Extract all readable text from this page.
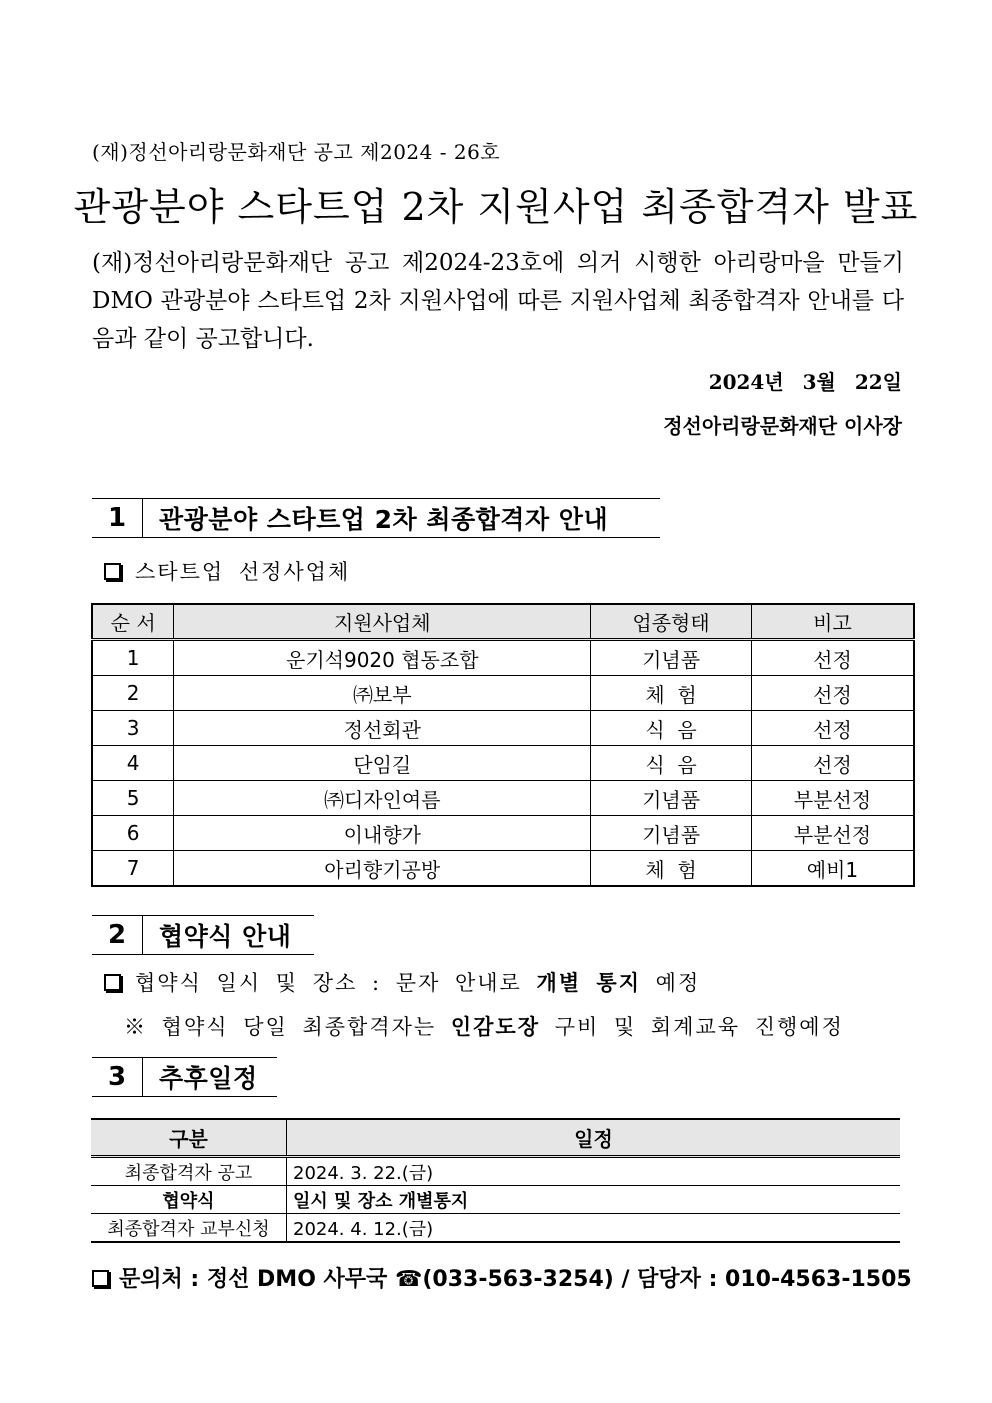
(재)정선아리랑문화재단 공고 제2024 - 26호
관광분야 스타트업 2차 지원사업 최종합격자 발표
(재)정선아리랑문화재단 공고 제2024-23호에 의거 시행한 아리랑마을 만들기 DMO 관광분야 스타트업 2차 지원사업에 따른 지원사업체 최종합격자 안내를 다음과 같이 공고합니다.
2024년 3월 22일
정선아리랑문화재단 이사장
1	관광분야 스타트업 2차 최종합격자 안내
스타트업 선정사업체
순 서	지원사업체	업종형태	비고
1	운기석9020 협동조합	기념품	선정
2	㈜보부	체  험	선정
3	정선회관	식  음	선정
4	단임길	식  음	선정
5	㈜디자인여름	기념품	부분선정
6	이내향가	기념품	부분선정
7	아리향기공방	체  험	예비1
2	협약식 안내
협약식 일시 및 장소 : 문자 안내로 개별 통지 예정
※ 협약식 당일 최종합격자는 인감도장 구비 및 회계교육 진행예정
3	추후일정
구분	일정
최종합격자 공고	2024. 3. 22.(금)
협약식	일시 및 장소 개별통지
최종합격자 교부신청	2024. 4. 12.(금)
문의처 : 정선 DMO 사무국 ☎(033-563-3254) / 담당자 : 010-4563-1505
